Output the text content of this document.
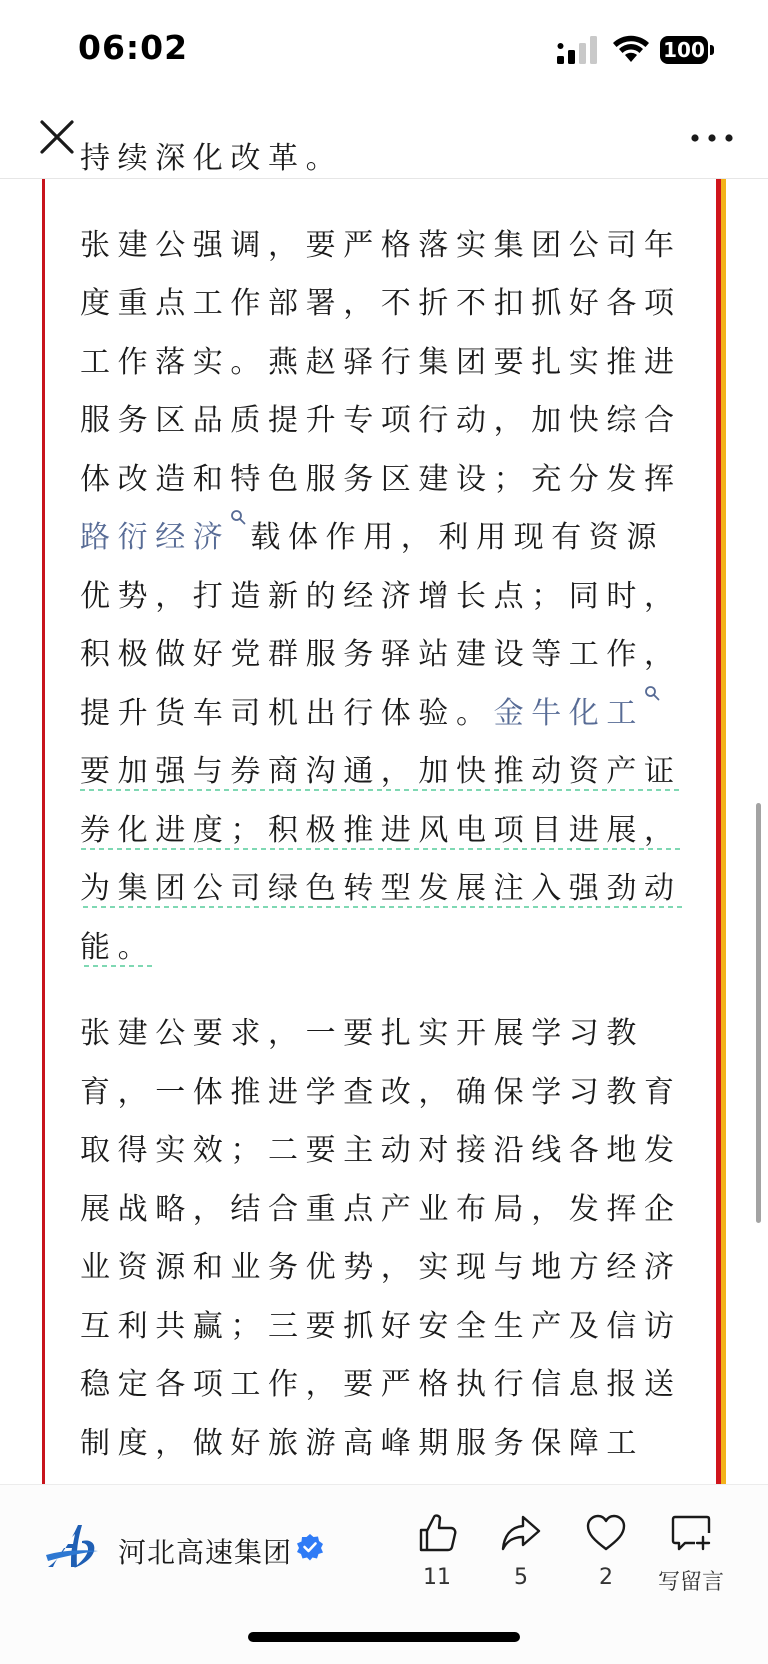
06:02	100

持续深化改革。

张建公强调，要严格落实集团公司年度重点工作部署，不折不扣抓好各项工作落实。燕赵驿行集团要扎实推进服务区品质提升专项行动，加快综合体改造和特色服务区建设；充分发挥路衍经济 载体作用，利用现有资源优势，打造新的经济增长点；同时，积极做好党群服务驿站建设等工作，提升货车司机出行体验。金牛化工要加强与券商沟通，加快推动资产证券化进度；积极推进风电项目进展，为集团公司绿色转型发展注入强劲动能。

张建公要求，一要扎实开展学习教育，一体推进学查改，确保学习教育取得实效；二要主动对接沿线各地发展战略，结合重点产业布局，发挥企业资源和业务优势，实现与地方经济互利共赢；三要抓好安全生产及信访稳定各项工作，要严格执行信息报送制度，做好旅游高峰期服务保障工

河北高速集团
11	5	2	写留言
